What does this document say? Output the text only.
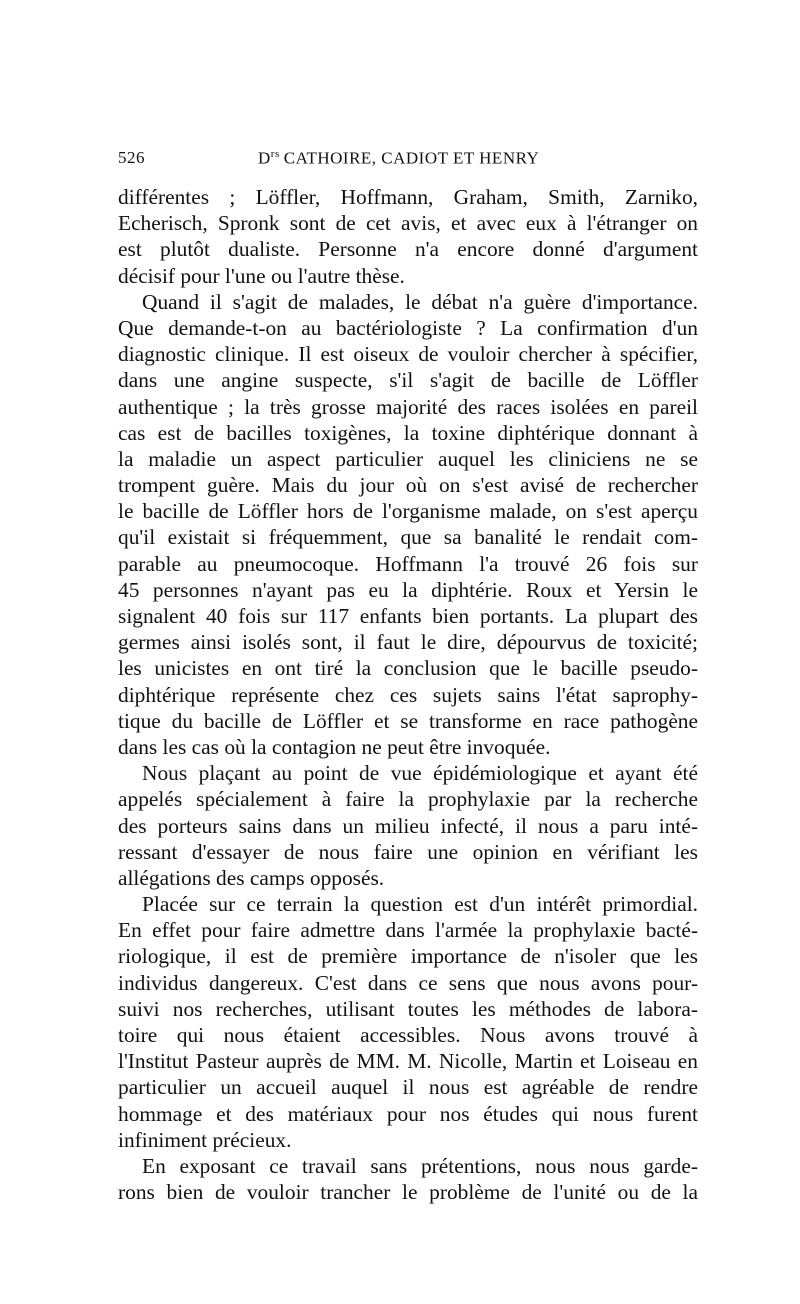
526	$D^{rs}$ CATHOIRE, CADIOT ET HENRY
différentes ; Löffler, Hoffmann, Graham, Smith, Zarniko,
Echerisch, Spronk sont de cet avis, et avec eux à l'étranger on
est plutôt dualiste. Personne n'a encore donné d'argument
décisif pour l'une ou l'autre thèse.
Quand il s'agit de malades, le débat n'a guère d'importance.
Que demande-t-on au bactériologiste ? La confirmation d'un
diagnostic clinique. Il est oiseux de vouloir chercher à spécifier,
dans une angine suspecte, s'il s'agit de bacille de Löffler
authentique ; la très grosse majorité des races isolées en pareil
cas est de bacilles toxigènes, la toxine diphtérique donnant à
la maladie un aspect particulier auquel les cliniciens ne se
trompent guère. Mais du jour où on s'est avisé de rechercher
le bacille de Löffler hors de l'organisme malade, on s'est aperçu
qu'il existait si fréquemment, que sa banalité le rendait com-
parable au pneumocoque. Hoffmann l'a trouvé 26 fois sur
45 personnes n'ayant pas eu la diphtérie. Roux et Yersin le
signalent 40 fois sur 117 enfants bien portants. La plupart des
germes ainsi isolés sont, il faut le dire, dépourvus de toxicité;
les unicistes en ont tiré la conclusion que le bacille pseudo-
diphtérique représente chez ces sujets sains l'état saprophy-
tique du bacille de Löffler et se transforme en race pathogène
dans les cas où la contagion ne peut être invoquée.
Nous plaçant au point de vue épidémiologique et ayant été
appelés spécialement à faire la prophylaxie par la recherche
des porteurs sains dans un milieu infecté, il nous a paru inté-
ressant d'essayer de nous faire une opinion en vérifiant les
allégations des camps opposés.
Placée sur ce terrain la question est d'un intérêt primordial.
En effet pour faire admettre dans l'armée la prophylaxie bacté-
riologique, il est de première importance de n'isoler que les
individus dangereux. C'est dans ce sens que nous avons pour-
suivi nos recherches, utilisant toutes les méthodes de labora-
toire qui nous étaient accessibles. Nous avons trouvé à
l'Institut Pasteur auprès de MM. M. Nicolle, Martin et Loiseau en
particulier un accueil auquel il nous est agréable de rendre
hommage et des matériaux pour nos études qui nous furent
infiniment précieux.
En exposant ce travail sans prétentions, nous nous garde-
rons bien de vouloir trancher le problème de l'unité ou de la
